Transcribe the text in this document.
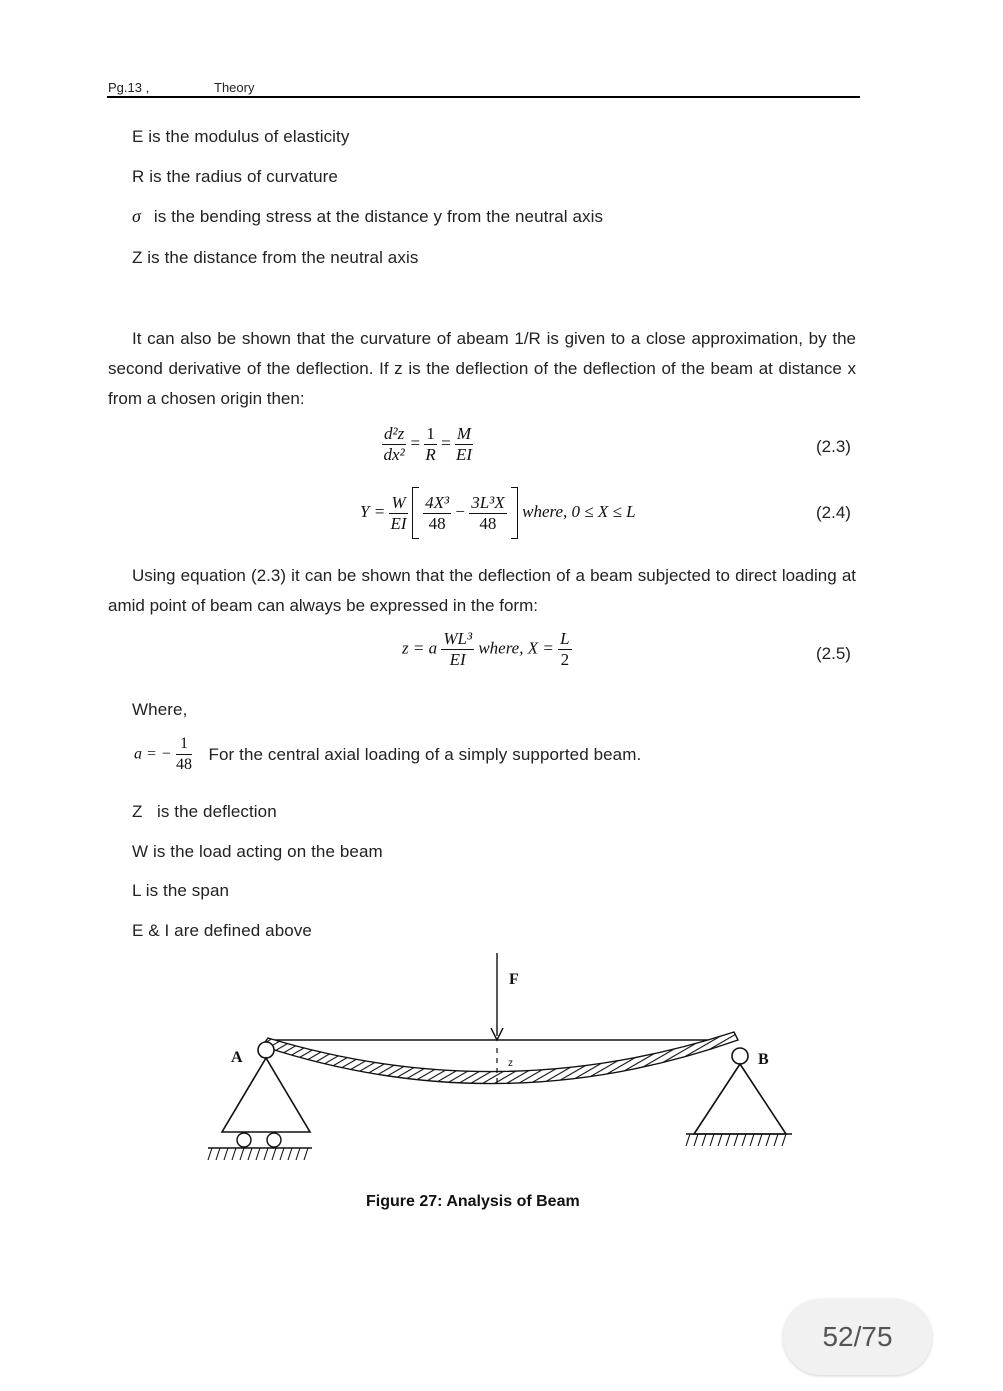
Pg.13 ,	Theory
E is the modulus of elasticity
R is the radius of curvature
σ is the bending stress at the distance y from the neutral axis
Z is the distance from the neutral axis
It can also be shown that the curvature of abeam 1/R is given to a close approximation, by the second derivative of the deflection. If z is the deflection of the deflection of the beam at distance x from a chosen origin then:
$\frac{\text{d²z}}{\text{dx²}} = \frac{1}{R} = \frac{M}{EI}$	(2.3)
$Y = \frac{W}{EI}$
$\frac{\text{4X³}}{48} - \frac{\text{3L³X}}{48}$ where, 0 ≤ X ≤ L	(2.4)
Using equation (2.3) it can be shown that the deflection of a beam subjected to direct loading at amid point of beam can always be expressed in the form:
z = a $\frac{\text{WL³}}{EI}$ where, $X = \frac{L}{2}$	(2.5)
Where,
a = − $\frac{1}{48}$ For the central axial loading of a simply supported beam.
Z   is the deflection
W is the load acting on the beam
L is the span
E & I are defined above
F
A	B
z
Figure 27: Analysis of Beam
52/75
